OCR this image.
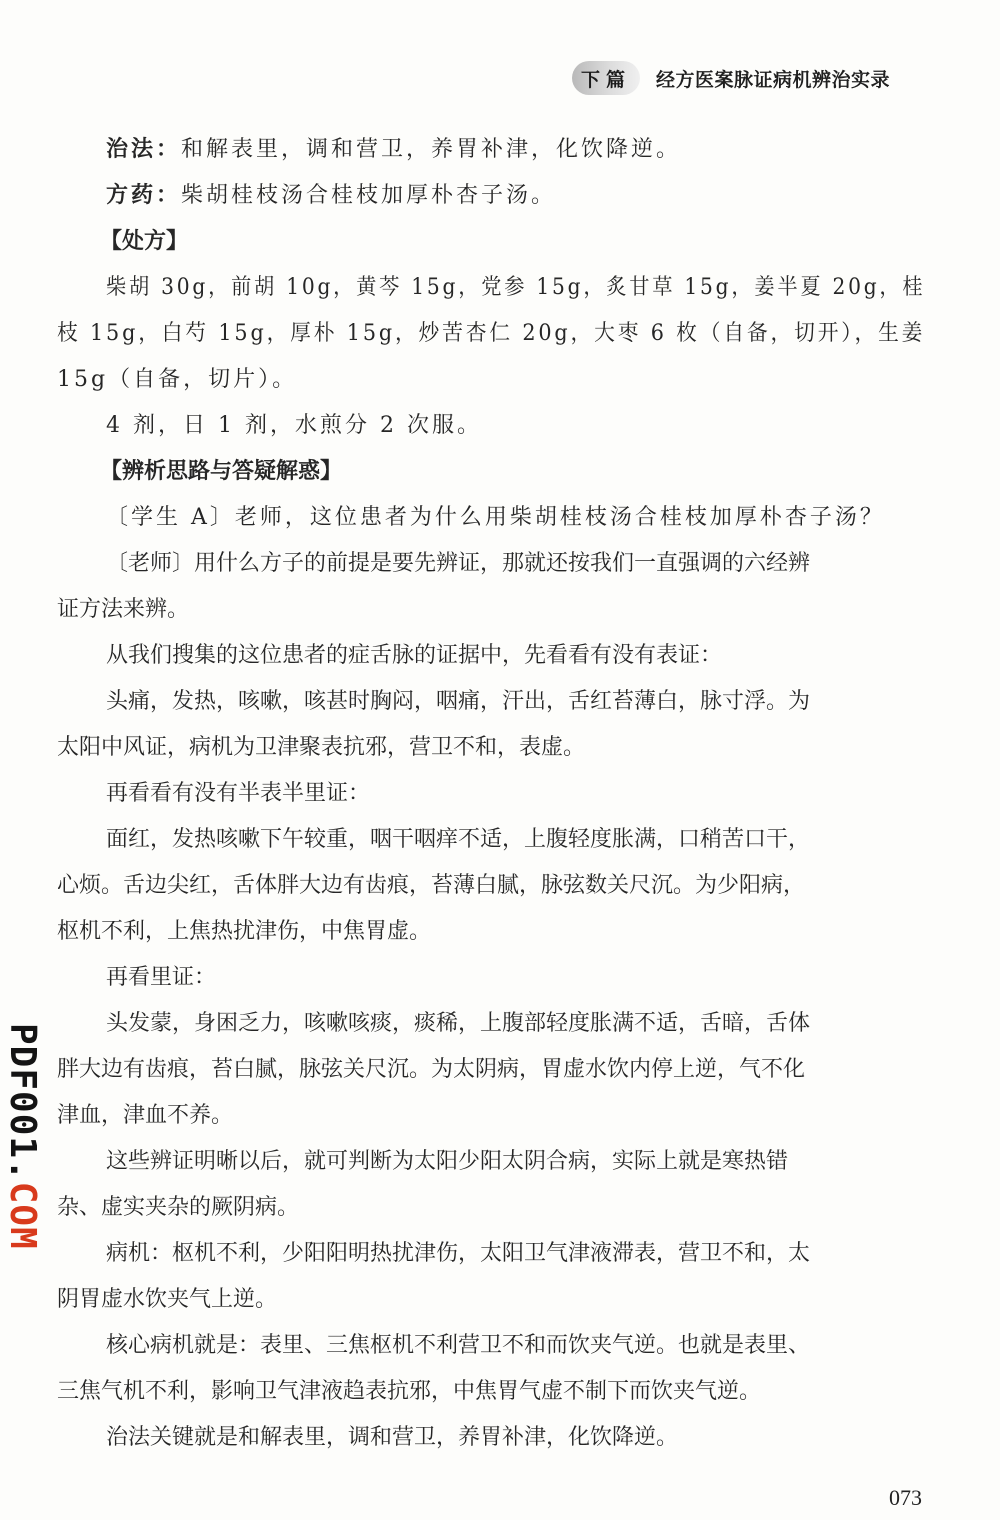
下篇	经方医案脉证病机辨治实录
PDF001.COM

治法：和解表里，调和营卫，养胃补津，化饮降逆。

方药：柴胡桂枝汤合桂枝加厚朴杏子汤。

【处方】

柴胡 30g，前胡 10g，黄芩 15g，党参 15g，炙甘草 15g，姜半夏 20g，桂

枝 15g，白芍 15g，厚朴 15g，炒苦杏仁 20g，大枣 6 枚（自备，切开），生姜

15g（自备，切片）。

4 剂，日 1 剂，水煎分 2 次服。

【辨析思路与答疑解惑】

〔学生 A〕老师，这位患者为什么用柴胡桂枝汤合桂枝加厚朴杏子汤？

〔老师〕用什么方子的前提是要先辨证，那就还按我们一直强调的六经辨

证方法来辨。

从我们搜集的这位患者的症舌脉的证据中，先看看有没有表证：

头痛，发热，咳嗽，咳甚时胸闷，咽痛，汗出，舌红苔薄白，脉寸浮。为

太阳中风证，病机为卫津聚表抗邪，营卫不和，表虚。

再看看有没有半表半里证：

面红，发热咳嗽下午较重，咽干咽痒不适，上腹轻度胀满，口稍苦口干，

心烦。舌边尖红，舌体胖大边有齿痕，苔薄白腻，脉弦数关尺沉。为少阳病，

枢机不利，上焦热扰津伤，中焦胃虚。

再看里证：

头发蒙，身困乏力，咳嗽咳痰，痰稀，上腹部轻度胀满不适，舌暗，舌体

胖大边有齿痕，苔白腻，脉弦关尺沉。为太阴病，胃虚水饮内停上逆，气不化

津血，津血不养。

这些辨证明晰以后，就可判断为太阳少阳太阴合病，实际上就是寒热错

杂、虚实夹杂的厥阴病。

病机：枢机不利，少阳阳明热扰津伤，太阳卫气津液滞表，营卫不和，太

阴胃虚水饮夹气上逆。

核心病机就是：表里、三焦枢机不利营卫不和而饮夹气逆。也就是表里、

三焦气机不利，影响卫气津液趋表抗邪，中焦胃气虚不制下而饮夹气逆。

治法关键就是和解表里，调和营卫，养胃补津，化饮降逆。

073
